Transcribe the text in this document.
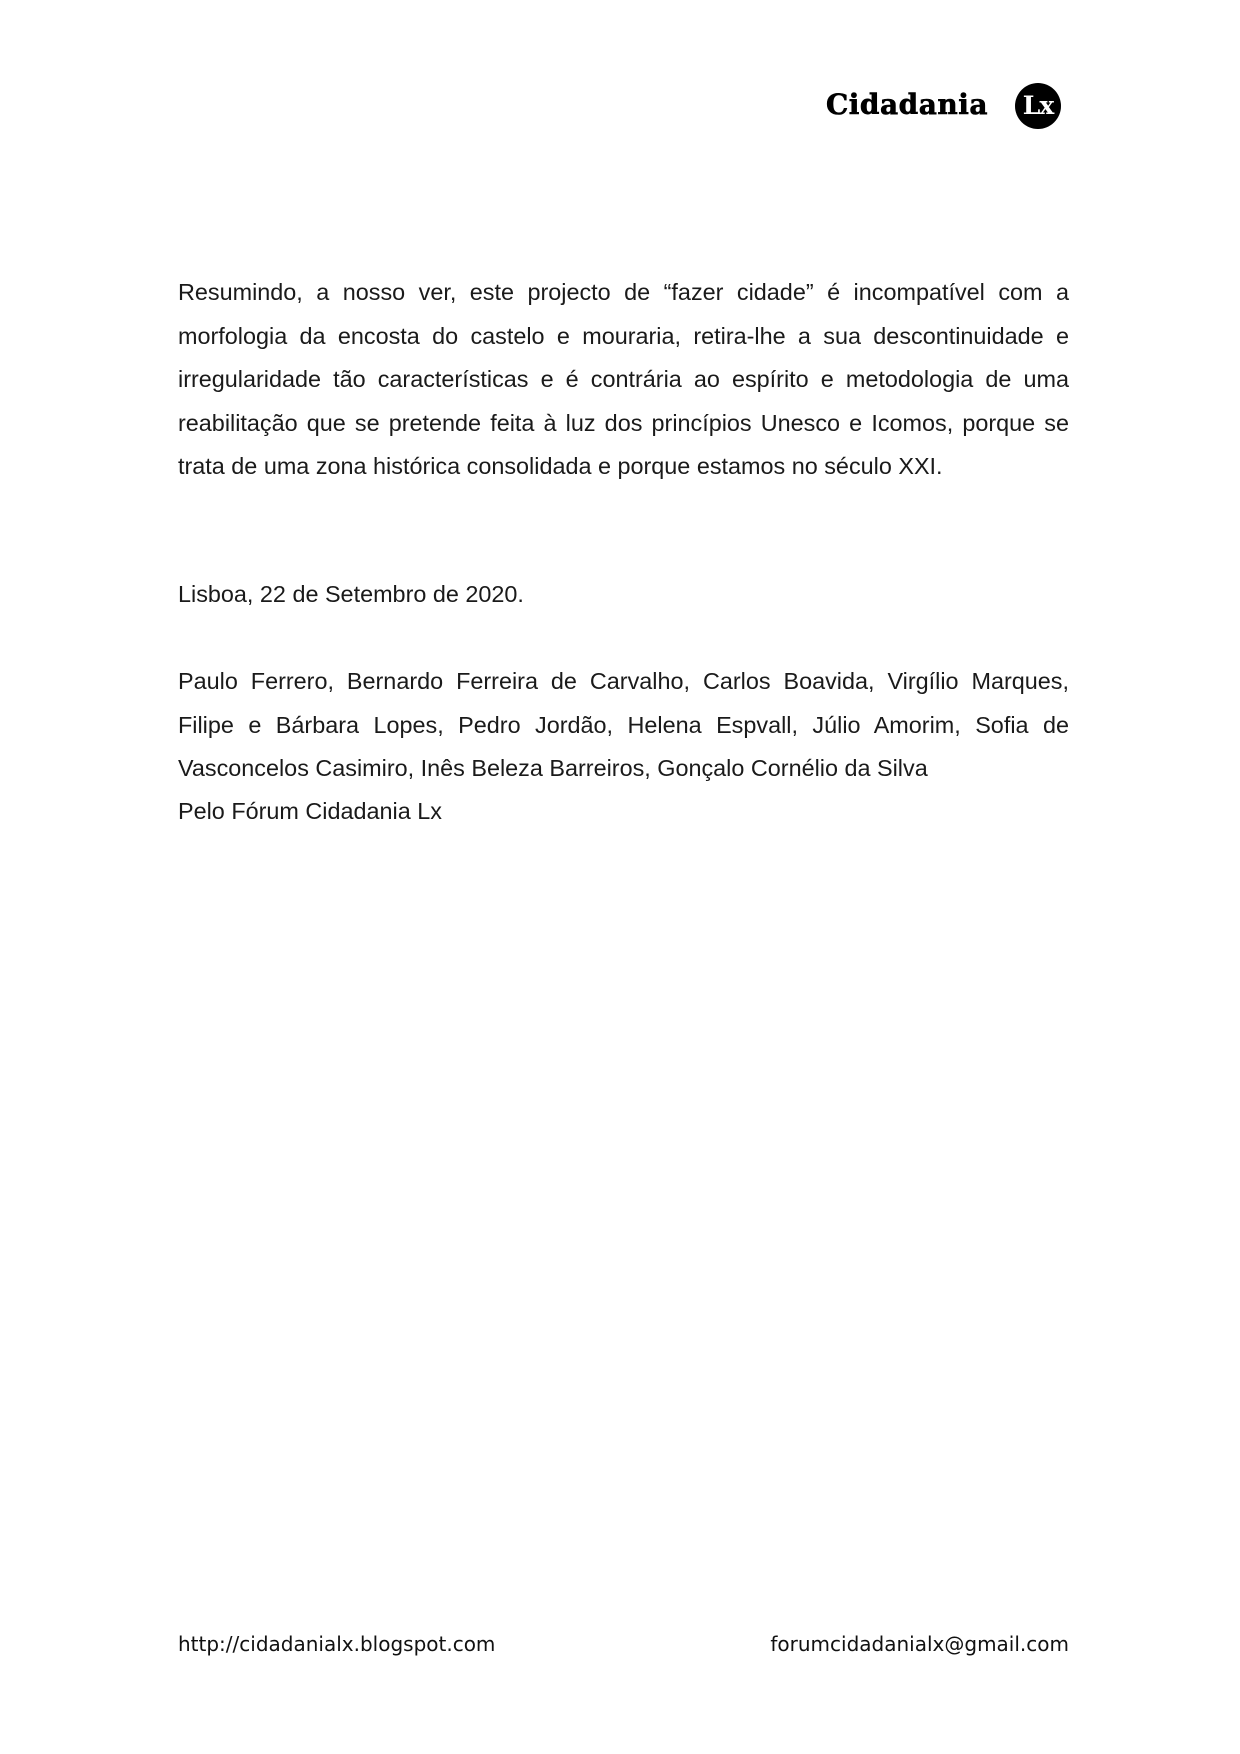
Cidadania	Lx

Resumindo, a nosso ver, este projecto de “fazer cidade” é incompatível com a morfologia da encosta do castelo e mouraria, retira-lhe a sua descontinuidade e irregularidade tão características e é contrária ao espírito e metodologia de uma reabilitação que se pretende feita à luz dos princípios Unesco e Icomos, porque se trata de uma zona histórica consolidada e porque estamos no século XXI.

Lisboa, 22 de Setembro de 2020.

Paulo Ferrero, Bernardo Ferreira de Carvalho, Carlos Boavida, Virgílio Marques, Filipe e Bárbara Lopes, Pedro Jordão, Helena Espvall, Júlio Amorim, Sofia de Vasconcelos Casimiro, Inês Beleza Barreiros, Gonçalo Cornélio da Silva

Pelo Fórum Cidadania Lx

http://cidadanialx.blogspot.com	forumcidadanialx@gmail.com
